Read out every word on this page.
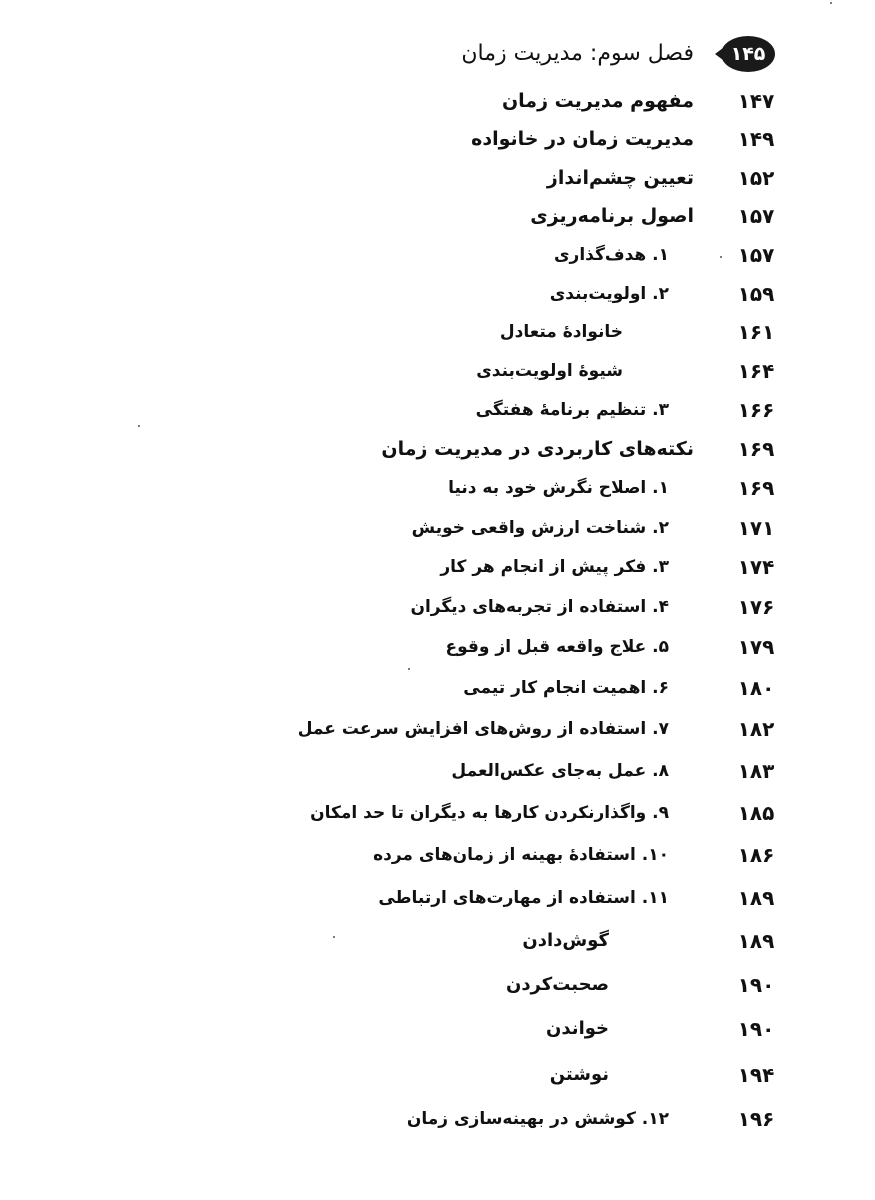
۱۴۵
فصل سوم: مدیریت زمان
۱۴۷
مفهوم مدیریت زمان
۱۴۹
مدیریت زمان در خانواده
۱۵۲
تعیین چشم‌انداز
۱۵۷
اصول برنامه‌ریزی
۱۵۷
۱. هدف‌گذاری
۱۵۹
۲. اولویت‌بندی
۱۶۱
خانوادهٔ متعادل
۱۶۴
شیوهٔ اولویت‌بندی
۱۶۶
۳. تنظیم برنامهٔ هفتگی
۱۶۹
نکته‌های کاربردی در مدیریت زمان
۱۶۹
۱. اصلاح نگرش خود به دنیا
۱۷۱
۲. شناخت ارزش واقعی خویش
۱۷۴
۳. فکر پیش از انجام هر کار
۱۷۶
۴. استفاده از تجربه‌های دیگران
۱۷۹
۵. علاج واقعه قبل از وقوع
۱۸۰
۶. اهمیت انجام کار تیمی
۱۸۲
۷. استفاده از روش‌های افزایش سرعت عمل
۱۸۳
۸. عمل به‌جای عکس‌العمل
۱۸۵
۹. واگذارنکردن کارها به دیگران تا حد امکان
۱۸۶
۱۰. استفادهٔ بهینه از زمان‌های مرده
۱۸۹
۱۱. استفاده از مهارت‌های ارتباطی
۱۸۹
گوش‌دادن
۱۹۰
صحبت‌کردن
۱۹۰
خواندن
۱۹۴
نوشتن
۱۹۶
۱۲. کوشش در بهینه‌سازی زمان
